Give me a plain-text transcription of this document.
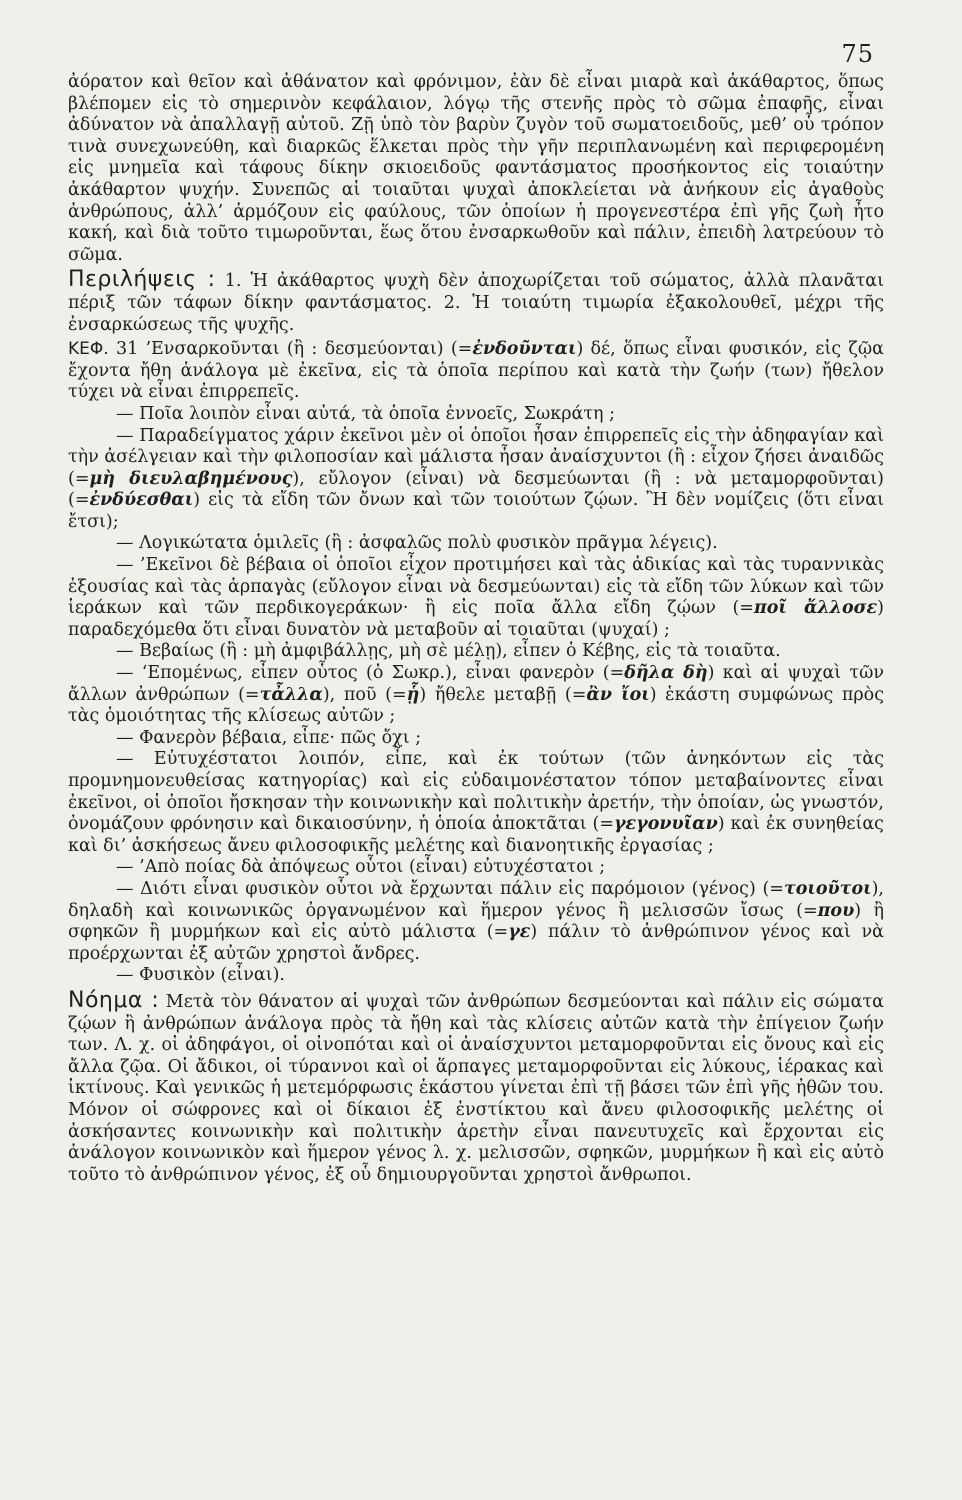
75

ἀόρατον καὶ θεῖον καὶ ἀθάνατον καὶ φρόνιμον, ἐὰν δὲ εἶναι μιαρὰ καὶ ἀκάθαρτος, ὅπως βλέπομεν εἰς τὸ σημερινὸν κεφάλαιον, λόγῳ τῆς στενῆς πρὸς τὸ σῶμα ἐπαφῆς, εἶναι ἀδύνατον νὰ ἀπαλλαγῇ αὐτοῦ. Ζῇ ὑπὸ τὸν βαρὺν ζυγὸν τοῦ σωματοειδοῦς, μεθ’ οὗ τρόπον τινὰ συνεχωνεύθη, καὶ διαρκῶς ἕλκεται πρὸς τὴν γῆν περιπλανωμένη καὶ περιφερομένη εἰς μνημεῖα καὶ τάφους δίκην σκιοειδοῦς φαντάσματος προσήκοντος εἰς τοιαύτην ἀκάθαρτον ψυχήν. Συνεπῶς αἱ τοιαῦται ψυχαὶ ἀποκλείεται νὰ ἀνήκουν εἰς ἀγαθοὺς ἀνθρώπους, ἀλλ’ ἁρμόζουν εἰς φαύλους, τῶν ὁποίων ἡ προγενεστέρα ἐπὶ γῆς ζωὴ ἦτο κακή, καὶ διὰ τοῦτο τιμωροῦνται, ἕως ὅτου ἐνσαρκωθοῦν καὶ πάλιν, ἐπειδὴ λατρεύουν τὸ σῶμα.

Περιλήψεις : 1. Ἡ ἀκάθαρτος ψυχὴ δὲν ἀποχωρίζεται τοῦ σώματος, ἀλλὰ πλανᾶται πέριξ τῶν τάφων δίκην φαντάσματος. 2. Ἡ τοιαύτη τιμωρία ἐξακολουθεῖ, μέχρι τῆς ἐνσαρκώσεως τῆς ψυχῆς.

ΚΕΦ. 31 ’Ενσαρκοῦνται (ἢ : δεσμεύονται) (=ἐνδοῦνται) δέ, ὅπως εἶναι φυσικόν, εἰς ζῷα ἔχοντα ἤθη ἀνάλογα μὲ ἐκεῖνα, εἰς τὰ ὁποῖα περίπου καὶ κατὰ τὴν ζωήν (των) ἤθελον τύχει νὰ εἶναι ἐπιρρεπεῖς.

— Ποῖα λοιπὸν εἶναι αὐτά, τὰ ὁποῖα ἐννοεῖς, Σωκράτη ;

— Παραδείγματος χάριν ἐκεῖνοι μὲν οἱ ὁποῖοι ἦσαν ἐπιρρεπεῖς εἰς τὴν ἀδηφαγίαν καὶ τὴν ἀσέλγειαν καὶ τὴν φιλοποσίαν καὶ μάλιστα ἦσαν ἀναίσχυντοι (ἢ : εἶχον ζήσει ἀναιδῶς (=μὴ διευλαβημένους), εὔλογον (εἶναι) νὰ δεσμεύωνται (ἢ : νὰ μεταμορφοῦνται) (=ἐνδύεσθαι) εἰς τὰ εἴδη τῶν ὄνων καὶ τῶν τοιούτων ζῴων. Ἢ δὲν νομίζεις (ὅτι εἶναι ἔτσι);

— Λογικώτατα ὁμιλεῖς (ἢ : ἀσφαλῶς πολὺ φυσικὸν πρᾶγμα λέγεις).

— ’Εκεῖνοι δὲ βέβαια οἱ ὁποῖοι εἶχον προτιμήσει καὶ τὰς ἀδικίας καὶ τὰς τυραννικὰς ἐξουσίας καὶ τὰς ἁρπαγὰς (εὔλογον εἶναι νὰ δεσμεύωνται) εἰς τὰ εἴδη τῶν λύκων καὶ τῶν ἱεράκων καὶ τῶν περδικογεράκων· ἢ εἰς ποῖα ἄλλα εἴδη ζῴων (=ποῖ ἄλλοσε) παραδεχόμεθα ὅτι εἶναι δυνατὸν νὰ μεταβοῦν αἱ τοιαῦται (ψυχαί) ;

— Βεβαίως (ἢ : μὴ ἀμφιβάλλῃς, μὴ σὲ μέλῃ), εἶπεν ὁ Κέβης, εἰς τὰ τοιαῦτα.

— ‘Επομένως, εἶπεν οὗτος (ὁ Σωκρ.), εἶναι φανερὸν (=δῆλα δὴ) καὶ αἱ ψυχαὶ τῶν ἄλλων ἀνθρώπων (=τἆλλα), ποῦ (=ᾗ) ἤθελε μεταβῇ (=ἂν ἴοι) ἑκάστη συμφώνως πρὸς τὰς ὁμοιότητας τῆς κλίσεως αὐτῶν ;

— Φανερὸν βέβαια, εἶπε· πῶς ὄχι ;

— Εὐτυχέστατοι λοιπόν, εἶπε, καὶ ἐκ τούτων (τῶν ἀνηκόντων εἰς τὰς προμνημονευθείσας κατηγορίας) καὶ εἰς εὐδαιμονέστατον τόπον μεταβαίνοντες εἶναι ἐκεῖνοι, οἱ ὁποῖοι ἤσκησαν τὴν κοινωνικὴν καὶ πολιτικὴν ἀρετήν, τὴν ὁποίαν, ὡς γνωστόν, ὀνομάζουν φρόνησιν καὶ δικαιοσύνην, ἡ ὁποία ἀποκτᾶται (=γεγονυῖαν) καὶ ἐκ συνηθείας καὶ δι’ ἀσκήσεως ἄνευ φιλοσοφικῆς μελέτης καὶ διανοητικῆς ἐργασίας ;

— ’Απὸ ποίας δὰ ἀπόψεως οὗτοι (εἶναι) εὐτυχέστατοι ;

— Διότι εἶναι φυσικὸν οὗτοι νὰ ἔρχωνται πάλιν εἰς παρόμοιον (γένος) (=τοιοῦτοι), δηλαδὴ καὶ κοινωνικῶς ὀργανωμένον καὶ ἥμερον γένος ἢ μελισσῶν ἴσως (=που) ἢ σφηκῶν ἢ μυρμήκων καὶ εἰς αὐτὸ μάλιστα (=γε) πάλιν τὸ ἀνθρώπινον γένος καὶ νὰ προέρχωνται ἐξ αὐτῶν χρηστοὶ ἄνδρες.

— Φυσικὸν (εἶναι).

Νόημα : Μετὰ τὸν θάνατον αἱ ψυχαὶ τῶν ἀνθρώπων δεσμεύονται καὶ πάλιν εἰς σώματα ζῴων ἢ ἀνθρώπων ἀνάλογα πρὸς τὰ ἤθη καὶ τὰς κλίσεις αὐτῶν κατὰ τὴν ἐπίγειον ζωήν των. Λ. χ. οἱ ἀδηφάγοι, οἱ οἰνοπόται καὶ οἱ ἀναίσχυντοι μεταμορφοῦνται εἰς ὄνους καὶ εἰς ἄλλα ζῷα. Οἱ ἄδικοι, οἱ τύραννοι καὶ οἱ ἅρπαγες μεταμορφοῦνται εἰς λύκους, ἱέρακας καὶ ἰκτίνους. Καὶ γενικῶς ἡ μετεμόρφωσις ἑκάστου γίνεται ἐπὶ τῇ βάσει τῶν ἐπὶ γῆς ἠθῶν του. Μόνον οἱ σώφρονες καὶ οἱ δίκαιοι ἐξ ἐνστίκτου καὶ ἄνευ φιλοσοφικῆς μελέτης οἱ ἀσκήσαντες κοινωνικὴν καὶ πολιτικὴν ἀρετὴν εἶναι πανευτυχεῖς καὶ ἔρχονται εἰς ἀνάλογον κοινωνικὸν καὶ ἥμερον γένος λ. χ. μελισσῶν, σφηκῶν, μυρμήκων ἢ καὶ εἰς αὐτὸ τοῦτο τὸ ἀνθρώπινον γένος, ἐξ οὗ δημιουργοῦνται χρηστοὶ ἄνθρωποι.
